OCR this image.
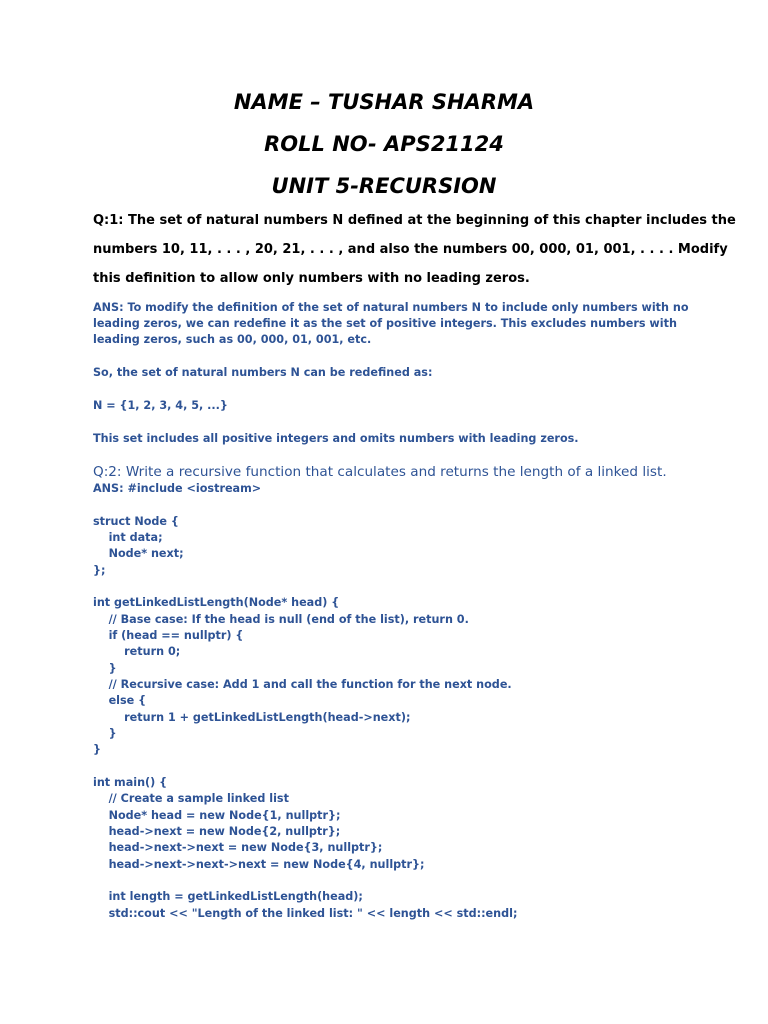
NAME – TUSHAR SHARMA
ROLL NO- APS21124
UNIT 5-RECURSION
Q:1: The set of natural numbers N defined at the beginning of this chapter includes the
numbers 10, 11, . . . , 20, 21, . . . , and also the numbers 00, 000, 01, 001, . . . . Modify
this definition to allow only numbers with no leading zeros.
ANS: To modify the definition of the set of natural numbers N to include only numbers with no leading zeros, we can redefine it as the set of positive integers. This excludes numbers with leading zeros, such as 00, 000, 01, 001, etc.
So, the set of natural numbers N can be redefined as:
N = {1, 2, 3, 4, 5, ...}
This set includes all positive integers and omits numbers with leading zeros.
Q:2: Write a recursive function that calculates and returns the length of a linked list.
ANS: #include <iostream>

struct Node {
int data;
Node* next;
};

int getLinkedListLength(Node* head) {
// Base case: If the head is null (end of the list), return 0.
if (head == nullptr) {
return 0;
}
// Recursive case: Add 1 and call the function for the next node.
else {
return 1 + getLinkedListLength(head->next);
}
}

int main() {
// Create a sample linked list
Node* head = new Node{1, nullptr};
head->next = new Node{2, nullptr};
head->next->next = new Node{3, nullptr};
head->next->next->next = new Node{4, nullptr};

int length = getLinkedListLength(head);
std::cout << "Length of the linked list: " << length << std::endl;
